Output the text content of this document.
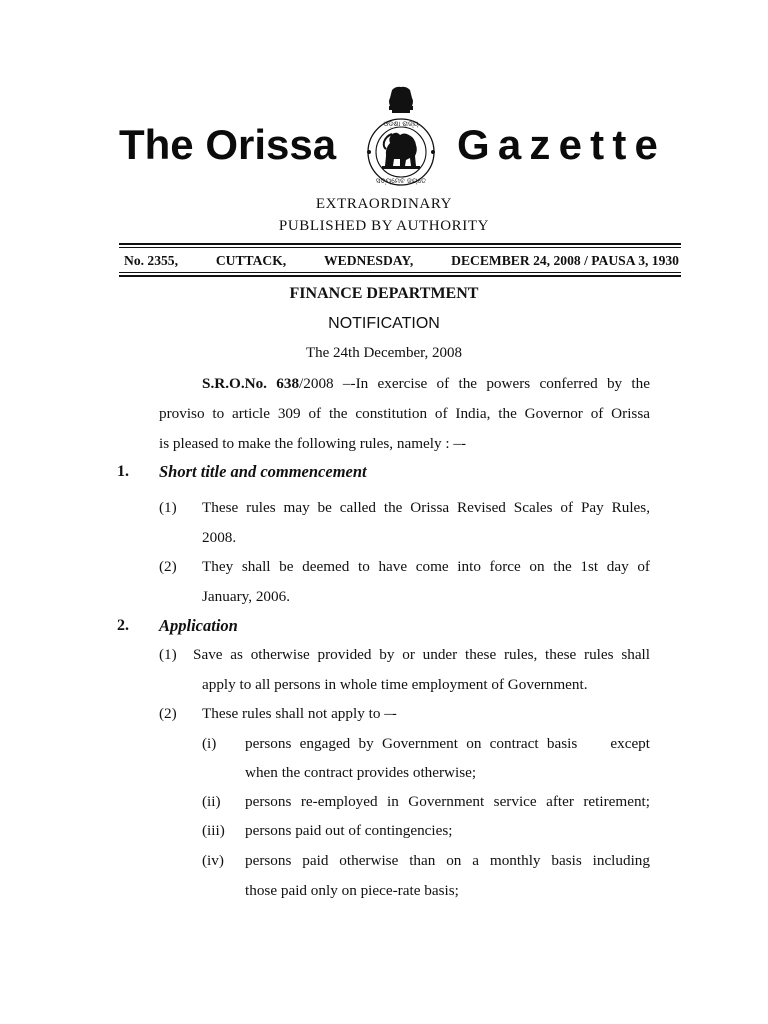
The Orissa	ଓଡ଼ିଶା ରାଜ୍ୟ
ସତ୍ୟମେବ ଜୟତେ
Gazette
EXTRAORDINARY
PUBLISHED BY AUTHORITY
No. 2355,	CUTTACK,	WEDNESDAY,	DECEMBER 24, 2008 / PAUSA 3, 1930
FINANCE DEPARTMENT
NOTIFICATION
The 24th December, 2008
S.R.O.No. 638/2008 –-In exercise of the powers conferred by the
proviso to article 309 of the constitution of India, the Governor of Orissa
is pleased to make the following rules, namely : –-
1. Short title and commencement
(1) These rules may be called the Orissa Revised Scales of Pay Rules,
2008.
(2) They shall be deemed to have come into force on the 1st day of
January, 2006.
2. Application
(1) Save as otherwise provided by or under these rules, these rules shall
apply to all persons in whole time employment of Government.
(2) These rules shall not apply to –-
(i) persons engaged by Government on contract basis    except
when the contract provides otherwise;
(ii) persons re-employed in Government service after retirement;
(iii) persons paid out of contingencies;
(iv) persons paid otherwise than on a monthly basis including
those paid only on piece-rate basis;
